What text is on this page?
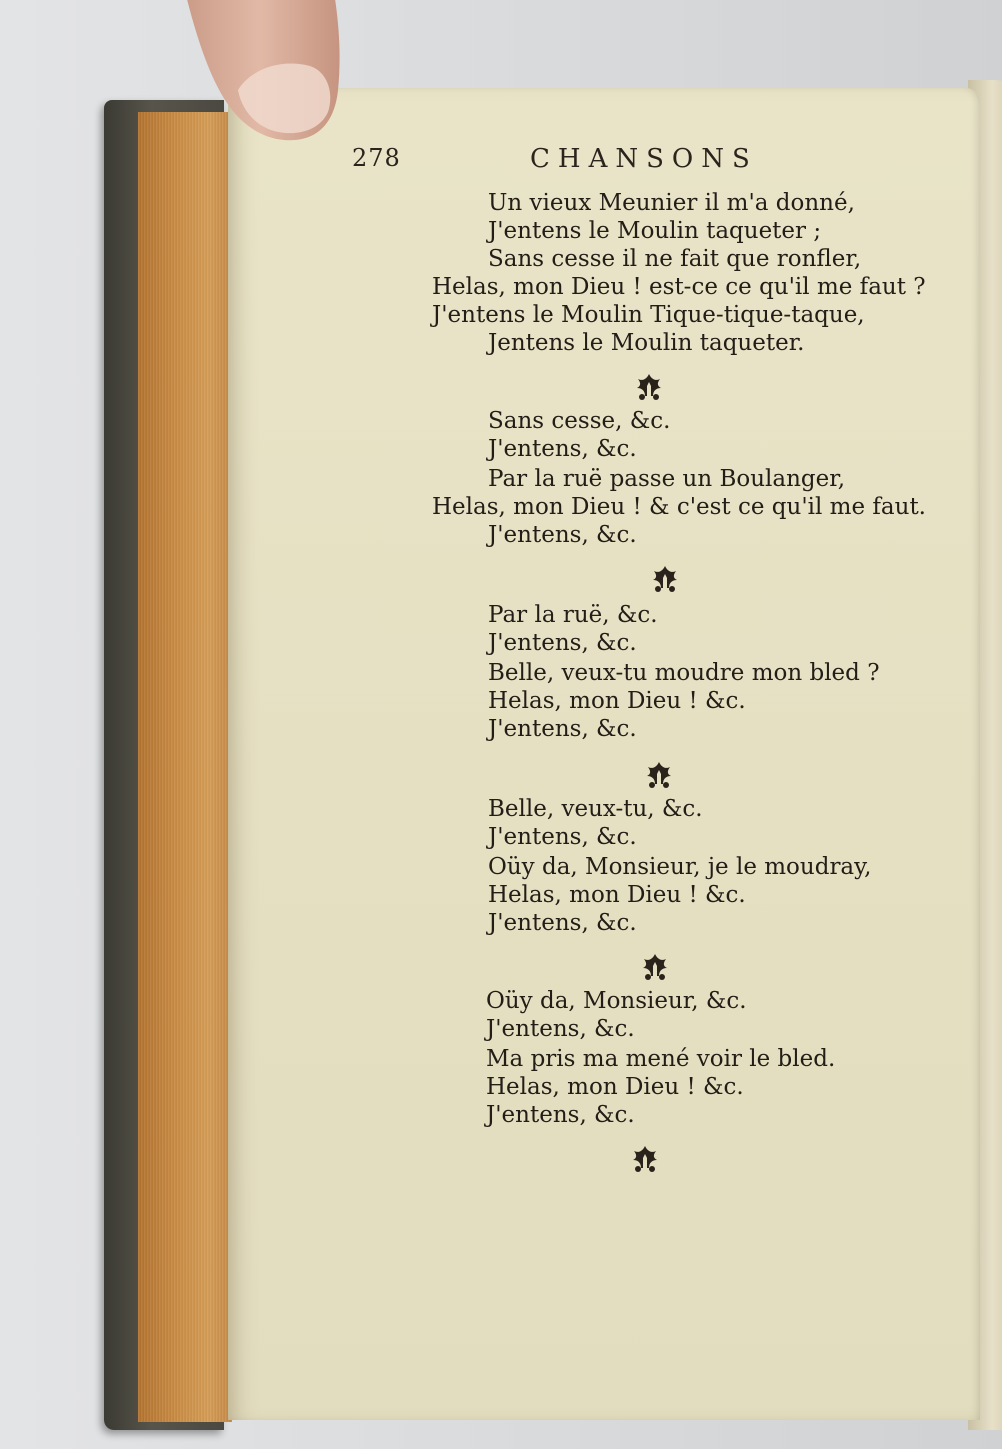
278	CHANSONS
Un vieux Meunier il m'a donné,
J'entens le Moulin taqueter ;
Sans cesse il ne fait que ronfler,
Helas, mon Dieu ! est-ce ce qu'il me faut ?
J'entens le Moulin Tique-tique-taque,
Jentens le Moulin taqueter.
Sans cesse, &c.
J'entens, &c.
Par la ruë passe un Boulanger,
Helas, mon Dieu ! & c'est ce qu'il me faut.
J'entens, &c.
Par la ruë, &c.
J'entens, &c.
Belle, veux-tu moudre mon bled ?
Helas, mon Dieu ! &c.
J'entens, &c.
Belle, veux-tu, &c.
J'entens, &c.
Oüy da, Monsieur, je le moudray,
Helas, mon Dieu ! &c.
J'entens, &c.
Oüy da, Monsieur, &c.
J'entens, &c.
Ma pris ma mené voir le bled.
Helas, mon Dieu ! &c.
J'entens, &c.
